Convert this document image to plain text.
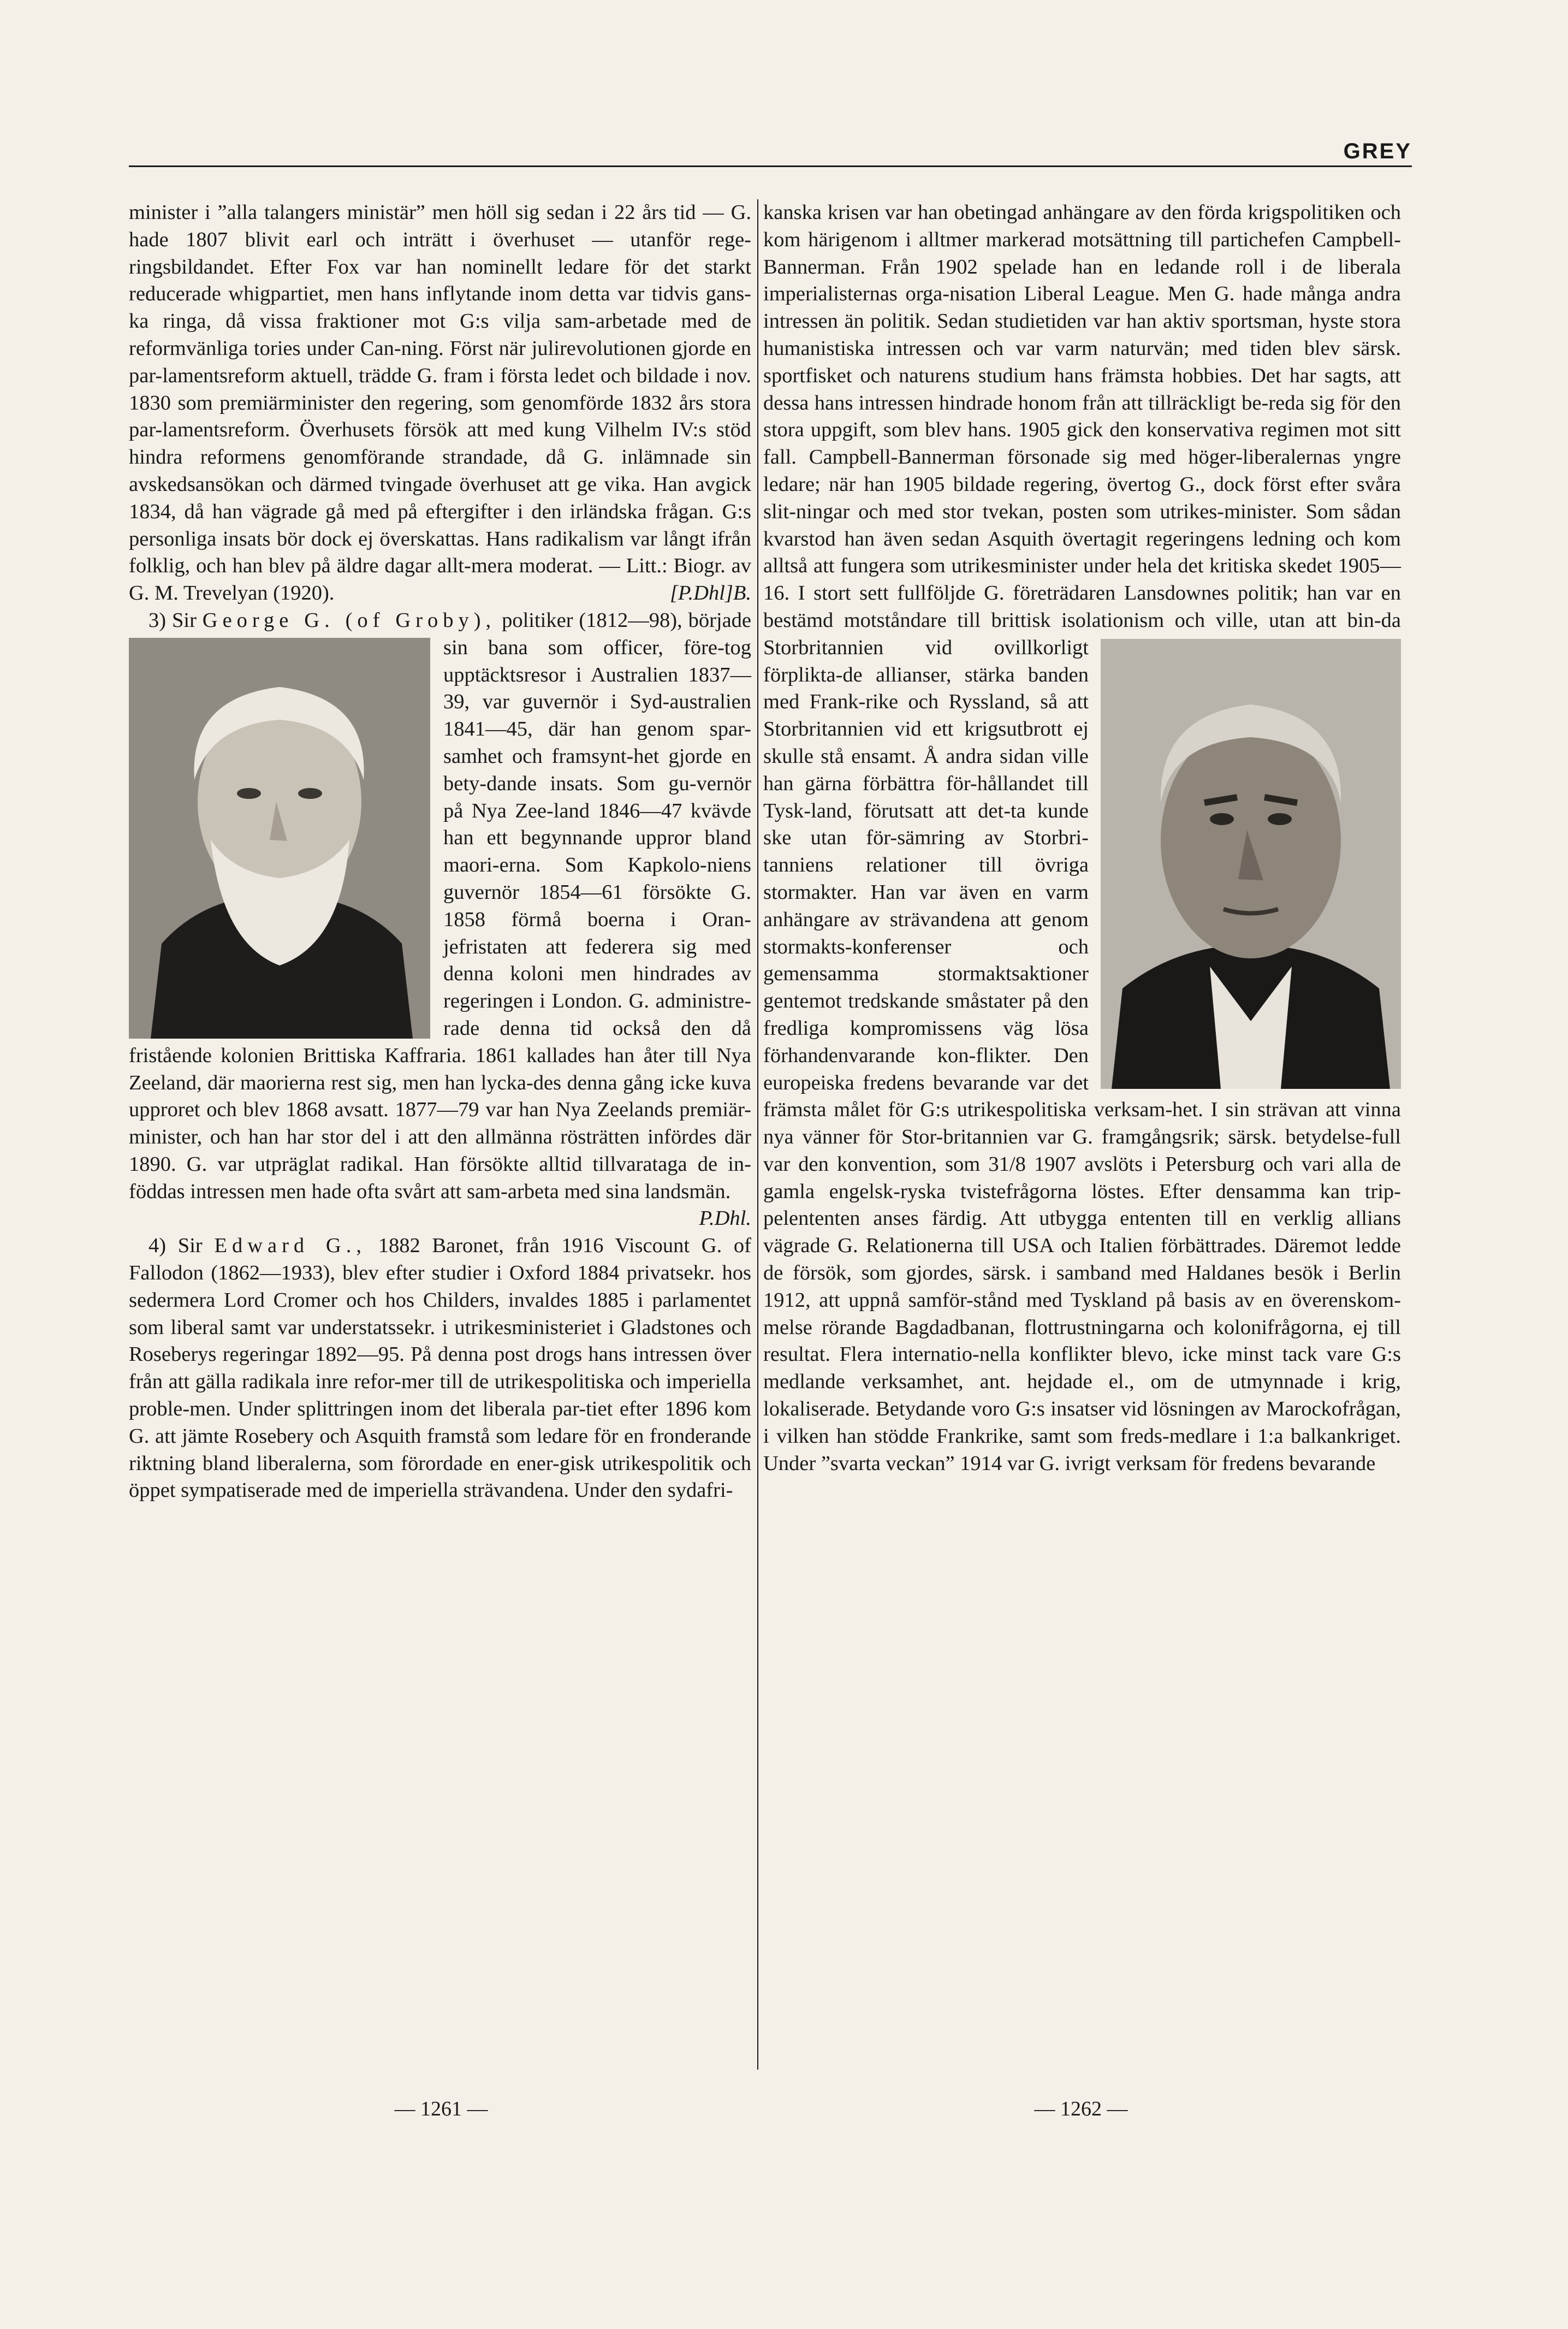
GREY

minister i ”alla talangers ministär” men höll sig sedan i 22 års tid — G. hade 1807 blivit earl och inträtt i överhuset — utanför rege-ringsbildandet. Efter Fox var han nominellt ledare för det starkt reducerade whigpartiet, men hans inflytande inom detta var tidvis gans-ka ringa, då vissa fraktioner mot G:s vilja sam-arbetade med de reformvänliga tories under Can-ning. Först när julirevolutionen gjorde en par-lamentsreform aktuell, trädde G. fram i första ledet och bildade i nov. 1830 som premiärminister den regering, som genomförde 1832 års stora par-lamentsreform. Överhusets försök att med kung Vilhelm IV:s stöd hindra reformens genomförande strandade, då G. inlämnade sin avskedsansökan och därmed tvingade överhuset att ge vika. Han avgick 1834, då han vägrade gå med på eftergifter i den irländska frågan. G:s personliga insats bör dock ej överskattas. Hans radikalism var långt ifrån folklig, och han blev på äldre dagar allt-mera moderat. — Litt.: Biogr. av G. M. Trevelyan (1920).	[P.Dhl]B.

3) Sir George G. (of Groby),
politiker (1812—98), började sin bana som officer, före-tog upptäcktsresor i Australien 1837—39, var guvernör i Syd-australien 1841—45, där han genom spar-samhet och framsynt-het gjorde en bety-dande insats. Som gu-vernör på Nya Zee-land 1846—47 kvävde han ett begynnande uppror bland maori-erna. Som Kapkolo-niens guvernör 1854—61 försökte G. 1858 förmå boerna i Oran-jefristaten att federera sig med denna koloni men hindrades av regeringen i London. G. administre-rade denna tid också den då fristående kolonien Brittiska Kaffraria. 1861 kallades han åter till Nya Zeeland, där maorierna rest sig, men han lycka-des denna gång icke kuva upproret och blev 1868 avsatt. 1877—79 var han Nya Zeelands premiär-minister, och han har stor del i att den allmänna rösträtten infördes där 1890. G. var utpräglat radikal. Han försökte alltid tillvarataga de in-föddas intressen men hade ofta svårt att sam-arbeta med sina landsmän.
P.Dhl.

4) Sir Edward G., 1882 Baronet, från 1916 Viscount G. of Fallodon (1862—1933), blev efter studier i Oxford 1884 privatsekr. hos sedermera Lord Cromer och hos Childers, invaldes 1885 i parlamentet som liberal samt var understatssekr. i utrikesministeriet i Gladstones och Roseberys regeringar 1892—95. På denna post drogs hans intressen över från att gälla radikala inre refor-mer till de utrikespolitiska och imperiella proble-men. Under splittringen inom det liberala par-tiet efter 1896 kom G. att jämte Rosebery och Asquith framstå som ledare för en fronderande riktning bland liberalerna, som förordade en ener-gisk utrikespolitik och öppet sympatiserade med de imperiella strävandena. Under den sydafri-

kanska krisen var han obetingad anhängare av den förda krigspolitiken och kom härigenom i alltmer markerad motsättning till partichefen Campbell-Bannerman. Från 1902 spelade han en ledande roll i de liberala imperialisternas orga-nisation Liberal League. Men G. hade många andra intressen än politik. Sedan studietiden var han aktiv sportsman, hyste stora humanistiska intressen och var varm naturvän; med tiden blev särsk. sportfisket och naturens studium hans främsta hobbies. Det har sagts, att dessa hans intressen hindrade honom från att tillräckligt be-reda sig för den stora uppgift, som blev hans. 1905 gick den konservativa regimen mot sitt fall. Campbell-Bannerman försonade sig med höger-liberalernas yngre ledare; när han 1905 bildade regering, övertog G., dock först efter svåra slit-ningar och med stor tvekan, posten som utrikes-minister. Som sådan kvarstod han även sedan Asquith övertagit regeringens ledning och kom alltså att fungera som utrikesminister under hela det kritiska skedet 1905—16. I stort sett fullföljde G. företrädaren Lansdownes politik; han var en bestämd motståndare till brittisk isolationism och ville, utan att bin-da Storbritannien vid ovillkorligt förplikta-de allianser, stärka banden med Frank-rike och Ryssland, så att Storbritannien vid ett krigsutbrott ej skulle stå ensamt. Å andra sidan ville han gärna förbättra för-hållandet till Tysk-land, förutsatt att det-ta kunde ske utan för-sämring av Storbri-tanniens relationer till övriga stormakter. Han var även en varm anhängare av strävandena att genom stormakts-konferenser och gemensamma stormaktsaktioner gentemot tredskande småstater på den fredliga kompromissens väg lösa förhandenvarande kon-flikter. Den europeiska fredens bevarande var det främsta målet för G:s utrikespolitiska verksam-het. I sin strävan att vinna nya vänner för Stor-britannien var G. framgångsrik; särsk. betydelse-full var den konvention, som 31/8 1907 avslöts i Petersburg och vari alla de gamla engelsk-ryska tvistefrågorna löstes. Efter densamma kan trip-pelententen anses färdig. Att utbygga ententen till en verklig allians vägrade G. Relationerna till USA och Italien förbättrades. Däremot ledde de försök, som gjordes, särsk. i samband med Haldanes besök i Berlin 1912, att uppnå samför-stånd med Tyskland på basis av en överenskom-melse rörande Bagdadbanan, flottrustningarna och kolonifrågorna, ej till resultat. Flera internatio-nella konflikter blevo, icke minst tack vare G:s medlande verksamhet, ant. hejdade el., om de utmynnade i krig, lokaliserade. Betydande voro G:s insatser vid lösningen av Marockofrågan, i vilken han stödde Frankrike, samt som freds-medlare i 1:a balkankriget. Under ”svarta veckan” 1914 var G. ivrigt verksam för fredens bevarande

— 1261 —	— 1262 —
